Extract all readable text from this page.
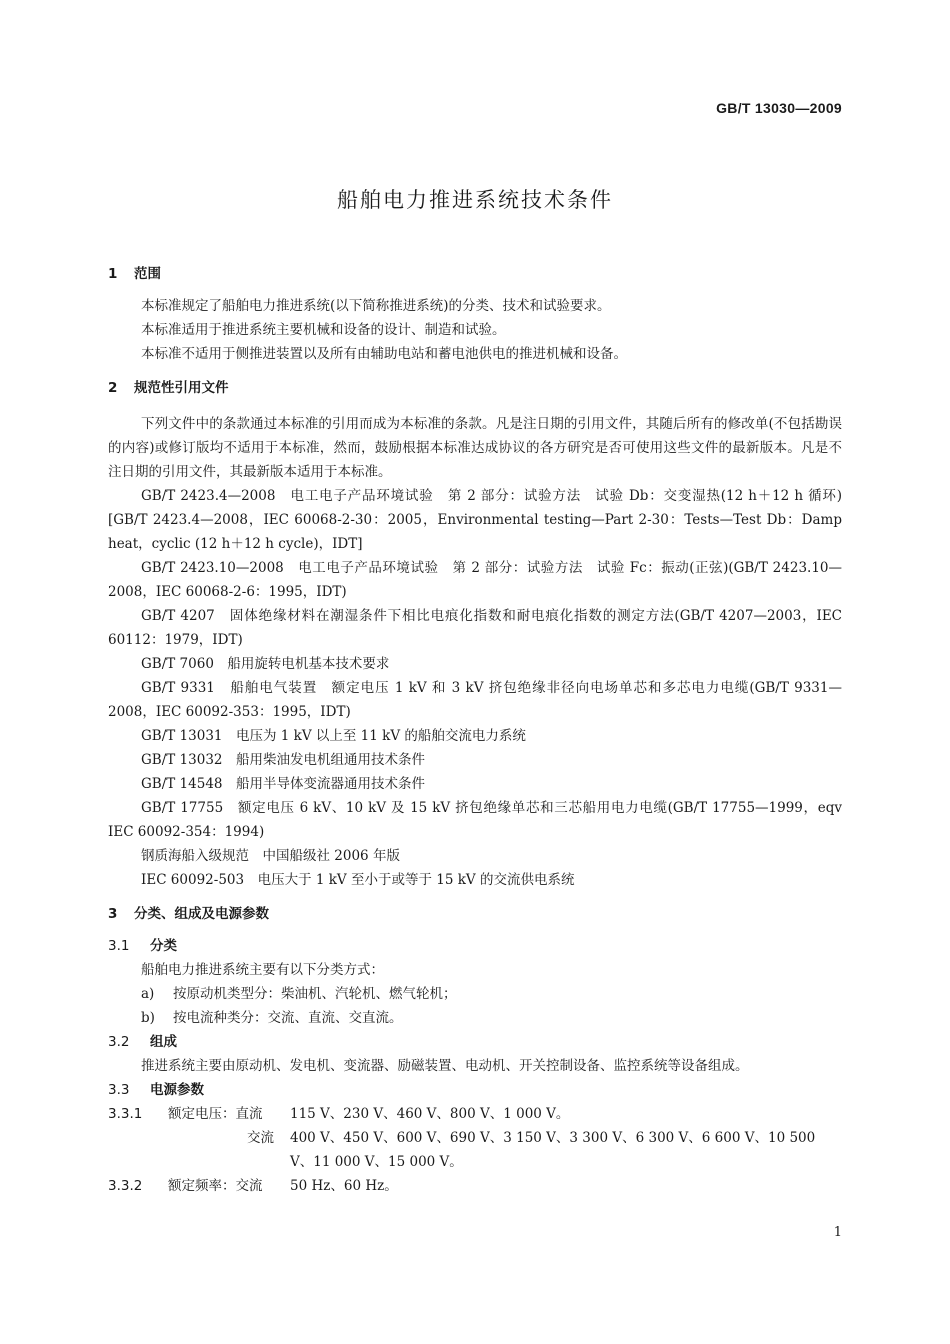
GB/T 13030—2009
船舶电力推进系统技术条件
1 范围

本标准规定了船舶电力推进系统(以下简称推进系统)的分类、技术和试验要求。

本标准适用于推进系统主要机械和设备的设计、制造和试验。

本标准不适用于侧推进装置以及所有由辅助电站和蓄电池供电的推进机械和设备。

2 规范性引用文件

下列文件中的条款通过本标准的引用而成为本标准的条款。凡是注日期的引用文件，其随后所有的修改单(不包括勘误的内容)或修订版均不适用于本标准，然而，鼓励根据本标准达成协议的各方研究是否可使用这些文件的最新版本。凡是不注日期的引用文件，其最新版本适用于本标准。

GB/T 2423.4—2008　电工电子产品环境试验　第 2 部分：试验方法　试验 Db：交变湿热(12 h＋12 h 循环)[GB/T 2423.4—2008，IEC 60068-2-30：2005，Environmental testing—Part 2-30：Tests—Test Db：Damp heat，cyclic (12 h＋12 h cycle)，IDT]

GB/T 2423.10—2008　电工电子产品环境试验　第 2 部分：试验方法　试验 Fc：振动(正弦)(GB/T 2423.10—2008，IEC 60068-2-6：1995，IDT)

GB/T 4207　固体绝缘材料在潮湿条件下相比电痕化指数和耐电痕化指数的测定方法(GB/T 4207—2003，IEC 60112：1979，IDT)

GB/T 7060　船用旋转电机基本技术要求

GB/T 9331　船舶电气装置　额定电压 1 kV 和 3 kV 挤包绝缘非径向电场单芯和多芯电力电缆(GB/T 9331—2008，IEC 60092-353：1995，IDT)

GB/T 13031　电压为 1 kV 以上至 11 kV 的船舶交流电力系统

GB/T 13032　船用柴油发电机组通用技术条件

GB/T 14548　船用半导体变流器通用技术条件

GB/T 17755　额定电压 6 kV、10 kV 及 15 kV 挤包绝缘单芯和三芯船用电力电缆(GB/T 17755—1999，eqv IEC 60092-354：1994)

钢质海船入级规范　中国船级社 2006 年版

IEC 60092-503　电压大于 1 kV 至小于或等于 15 kV 的交流供电系统

3 分类、组成及电源参数
3.1 分类

船舶电力推进系统主要有以下分类方式：

a) 按原动机类型分：柴油机、汽轮机、燃气轮机；
b) 按电流种类分：交流、直流、交直流。
3.2 组成

推进系统主要由原动机、发电机、变流器、励磁装置、电动机、开关控制设备、监控系统等设备组成。

3.3 电源参数
3.3.1	额定电压：直流	115 V、230 V、460 V、800 V、1 000 V。
交流	400 V、450 V、600 V、690 V、3 150 V、3 300 V、6 300 V、6 600 V、10 500 V、11 000 V、15 000 V。
3.3.2	额定频率：交流	50 Hz、60 Hz。
1
